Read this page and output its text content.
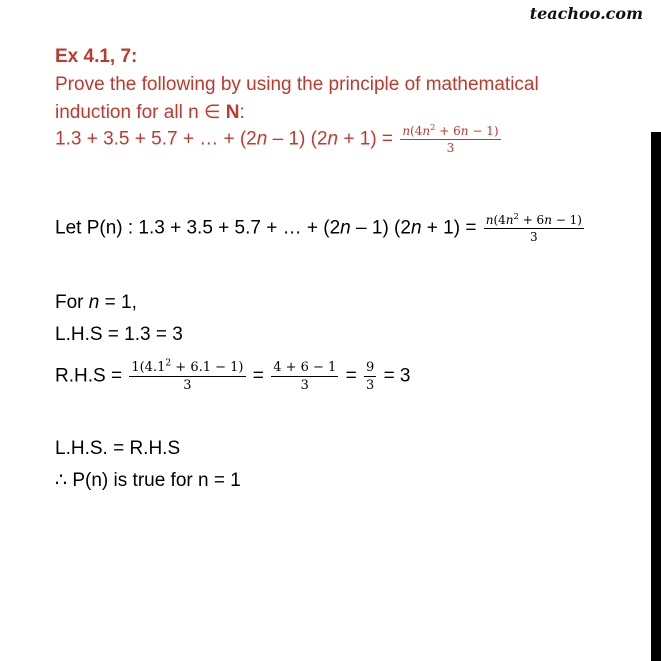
teachoo.com
Ex 4.1, 7:
Prove the following by using the principle of mathematical
induction for all n ∈ N:
1.3 + 3.5 + 5.7 + … + (2n – 1) $(2n + 1) = \frac{n(4n^2 + 6n - 1)}{3}$
Let P(n) : 1.3 + 3.5 + 5.7 + … + (2n – 1) $(2n + 1) = \frac{n(4n^2 + 6n - 1)}{3}$
For n = 1,
L.H.S = 1.3 = 3
$R.H.S = \frac{1(4.1^2 + 6.1 - 1)}{3} = \frac{4 + 6 - 1}{3} = \frac{9}{3} = 3$
L.H.S. = R.H.S
∴ P(n) is true for n = 1
